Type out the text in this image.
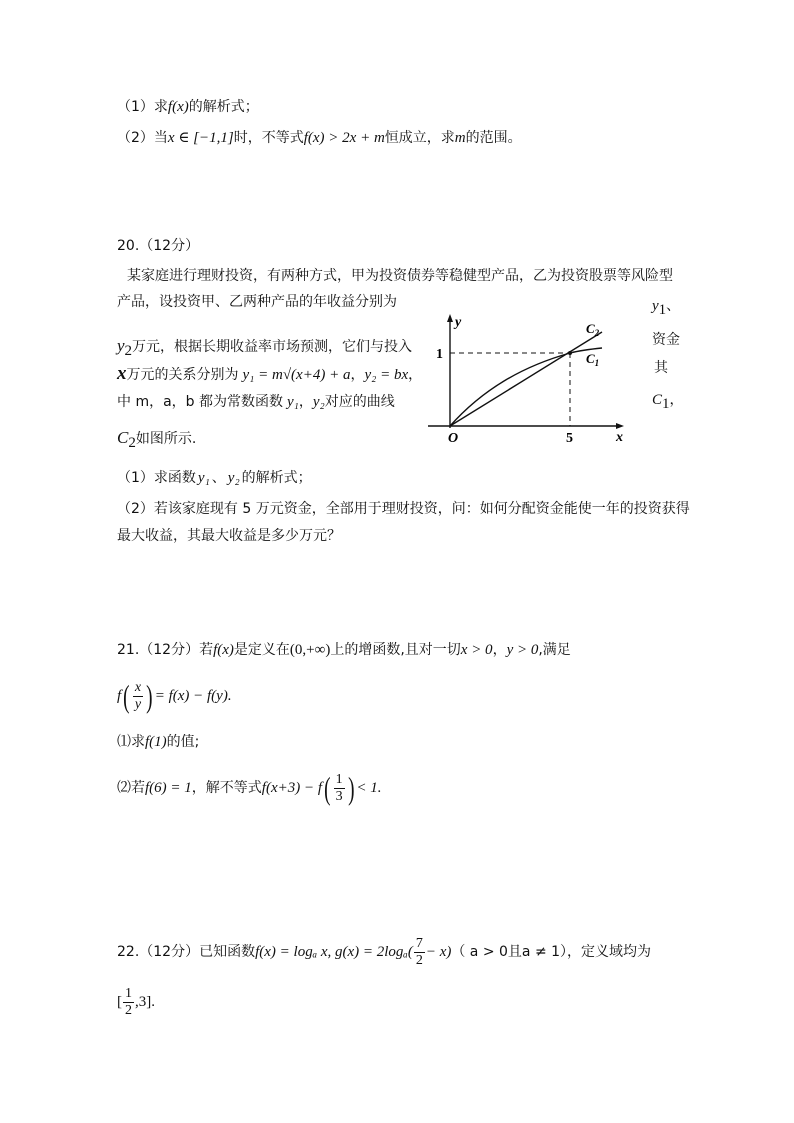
（1）求f(x)的解析式；
（2）当x ∈ [−1,1]时，不等式f(x) > 2x + m恒成立，求m的范围。
20.（12分）
某家庭进行理财投资，有两种方式，甲为投资债券等稳健型产品，乙为投资股票等风险型
产品，设投资甲、乙两种产品的年收益分别为	$y_1$、
资金
其
$C_1$，
$y_2$万元，根据长期收益率市场预测，它们与投入
x万元的关系分别为 y₁ = m√(x+4) + a，y₂ = bx，
中 m，a，b 都为常数函数 y₁，y₂对应的曲线
$C_2$如图所示.
y
x
O
1
5
$C_2$
$C_1$
（1）求函数 y₁ 、 y₂ 的解析式；
（2）若该家庭现有 5 万元资金，全部用于理财投资，问：如何分配资金能使一年的投资获得
最大收益，其最大收益是多少万元？
21.（12分）若f(x)是定义在(0,+∞)上的增函数,且对一切x > 0，y > 0,满足
$f( \frac{x}{y}$ ) = f(x) − f(y).
⑴求f(1)的值;
⑵若f(6) = 1，解不等式$f(x+3) - f( \frac{1}{3}$ ) < 1.
22.（12分）已知函数f(x) = logₐ x, $g(x) = 2\log_a( \frac{7}{2} - x)$（ a > 0且a ≠ 1），定义域均为
[ $\frac{1}{2} ,3$].
